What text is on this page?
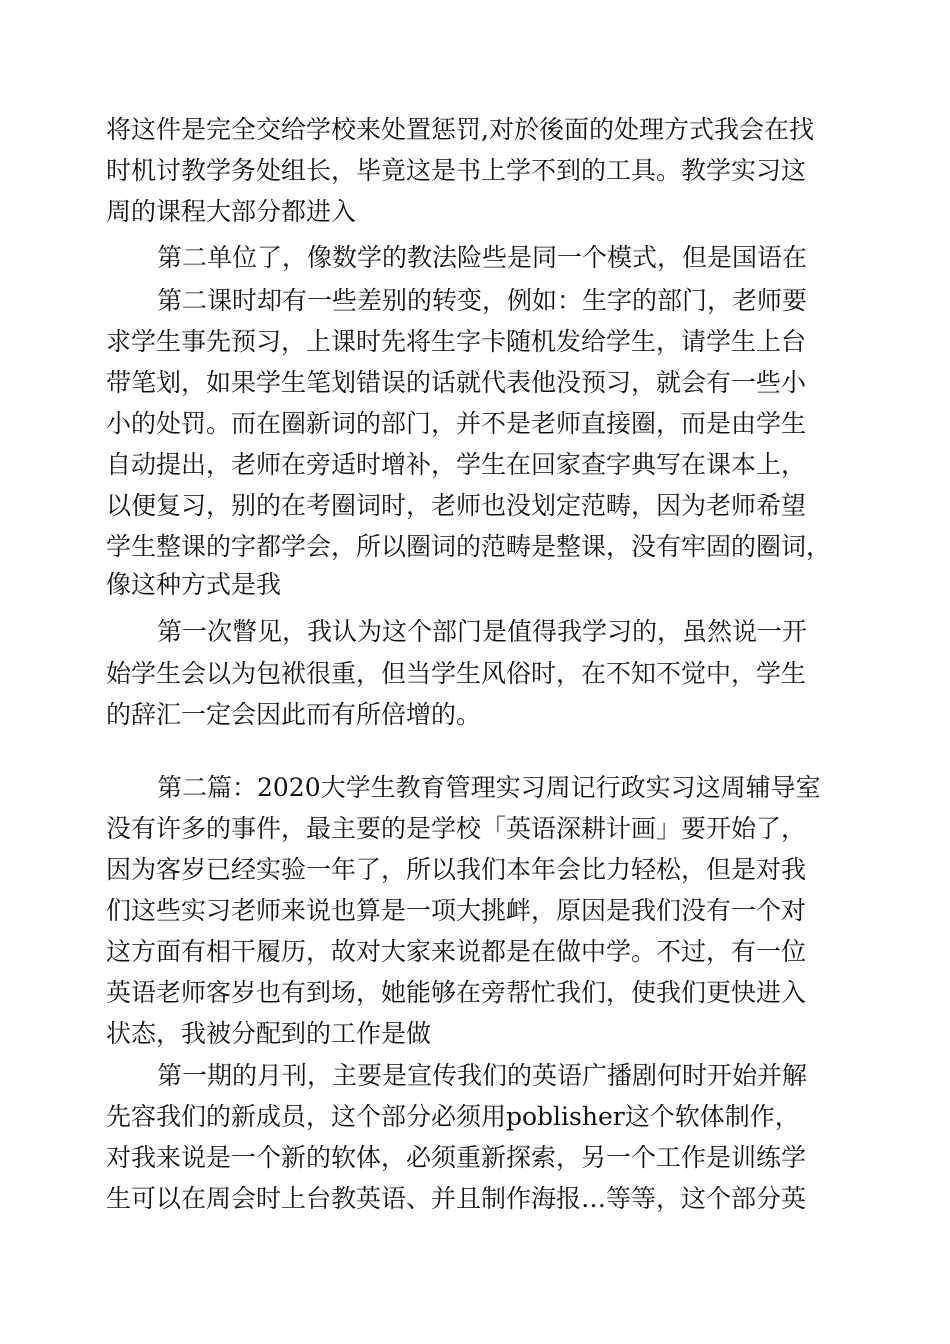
将这件是完全交给学校来处置惩罚,对於後面的处理方式我会在找
时机讨教学务处组长，毕竟这是书上学不到的工具。教学实习这
周的课程大部分都进入
第二单位了，像数学的教法险些是同一个模式，但是国语在
第二课时却有一些差别的转变，例如：生字的部门，老师要
求学生事先预习，上课时先将生字卡随机发给学生，请学生上台
带笔划，如果学生笔划错误的话就代表他没预习，就会有一些小
小的处罚。而在圈新词的部门，并不是老师直接圈，而是由学生
自动提出，老师在旁适时增补，学生在回家查字典写在课本上，
以便复习，别的在考圈词时，老师也没划定范畴，因为老师希望
学生整课的字都学会，所以圈词的范畴是整课，没有牢固的圈词，
像这种方式是我
第一次瞥见，我认为这个部门是值得我学习的，虽然说一开
始学生会以为包袱很重，但当学生风俗时，在不知不觉中，学生
的辞汇一定会因此而有所倍增的。
第二篇：2020大学生教育管理实习周记行政实习这周辅导室
没有许多的事件，最主要的是学校「英语深耕计画」要开始了，
因为客岁已经实验一年了，所以我们本年会比力轻松，但是对我
们这些实习老师来说也算是一项大挑衅，原因是我们没有一个对
这方面有相干履历，故对大家来说都是在做中学。不过，有一位
英语老师客岁也有到场，她能够在旁帮忙我们，使我们更快进入
状态，我被分配到的工作是做
第一期的月刊，主要是宣传我们的英语广播剧何时开始并解
先容我们的新成员，这个部分必须用poblisher这个软体制作，
对我来说是一个新的软体，必须重新探索，另一个工作是训练学
生可以在周会时上台教英语、并且制作海报…等等，这个部分英
